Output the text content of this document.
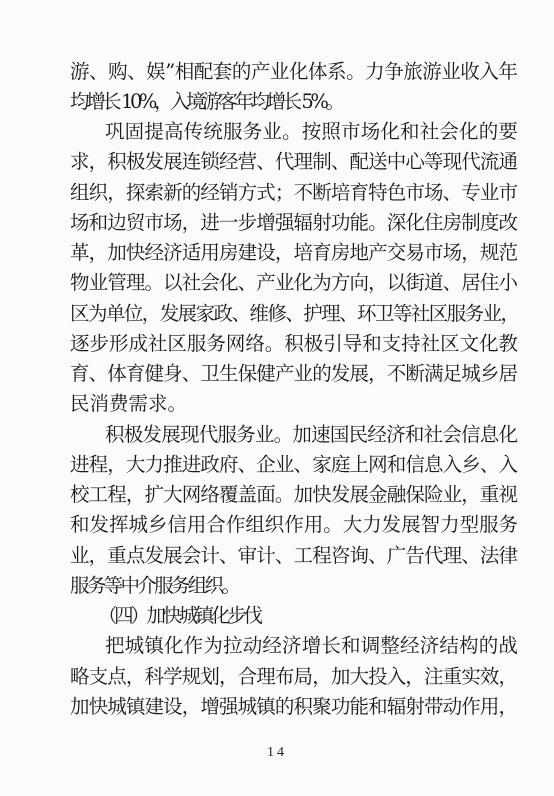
游、购、娱”相配套的产业化体系。力争旅游业收入年
均增长 10%，入境游客年均增长 5%。
巩固提高传统服务业。按照市场化和社会化的要
求，积极发展连锁经营、代理制、配送中心等现代流通
组织，探索新的经销方式；不断培育特色市场、专业市
场和边贸市场，进一步增强辐射功能。深化住房制度改
革，加快经济适用房建设，培育房地产交易市场，规范
物业管理。以社会化、产业化为方向，以街道、居住小
区为单位，发展家政、维修、护理、环卫等社区服务业，
逐步形成社区服务网络。积极引导和支持社区文化教
育、体育健身、卫生保健产业的发展，不断满足城乡居
民消费需求。
积极发展现代服务业。加速国民经济和社会信息化
进程，大力推进政府、企业、家庭上网和信息入乡、入
校工程，扩大网络覆盖面。加快发展金融保险业，重视
和发挥城乡信用合作组织作用。大力发展智力型服务
业，重点发展会计、审计、工程咨询、广告代理、法律
服务等中介服务组织。
（四）加快城镇化步伐
把城镇化作为拉动经济增长和调整经济结构的战
略支点，科学规划，合理布局，加大投入，注重实效，
加快城镇建设，增强城镇的积聚功能和辐射带动作用，
14
